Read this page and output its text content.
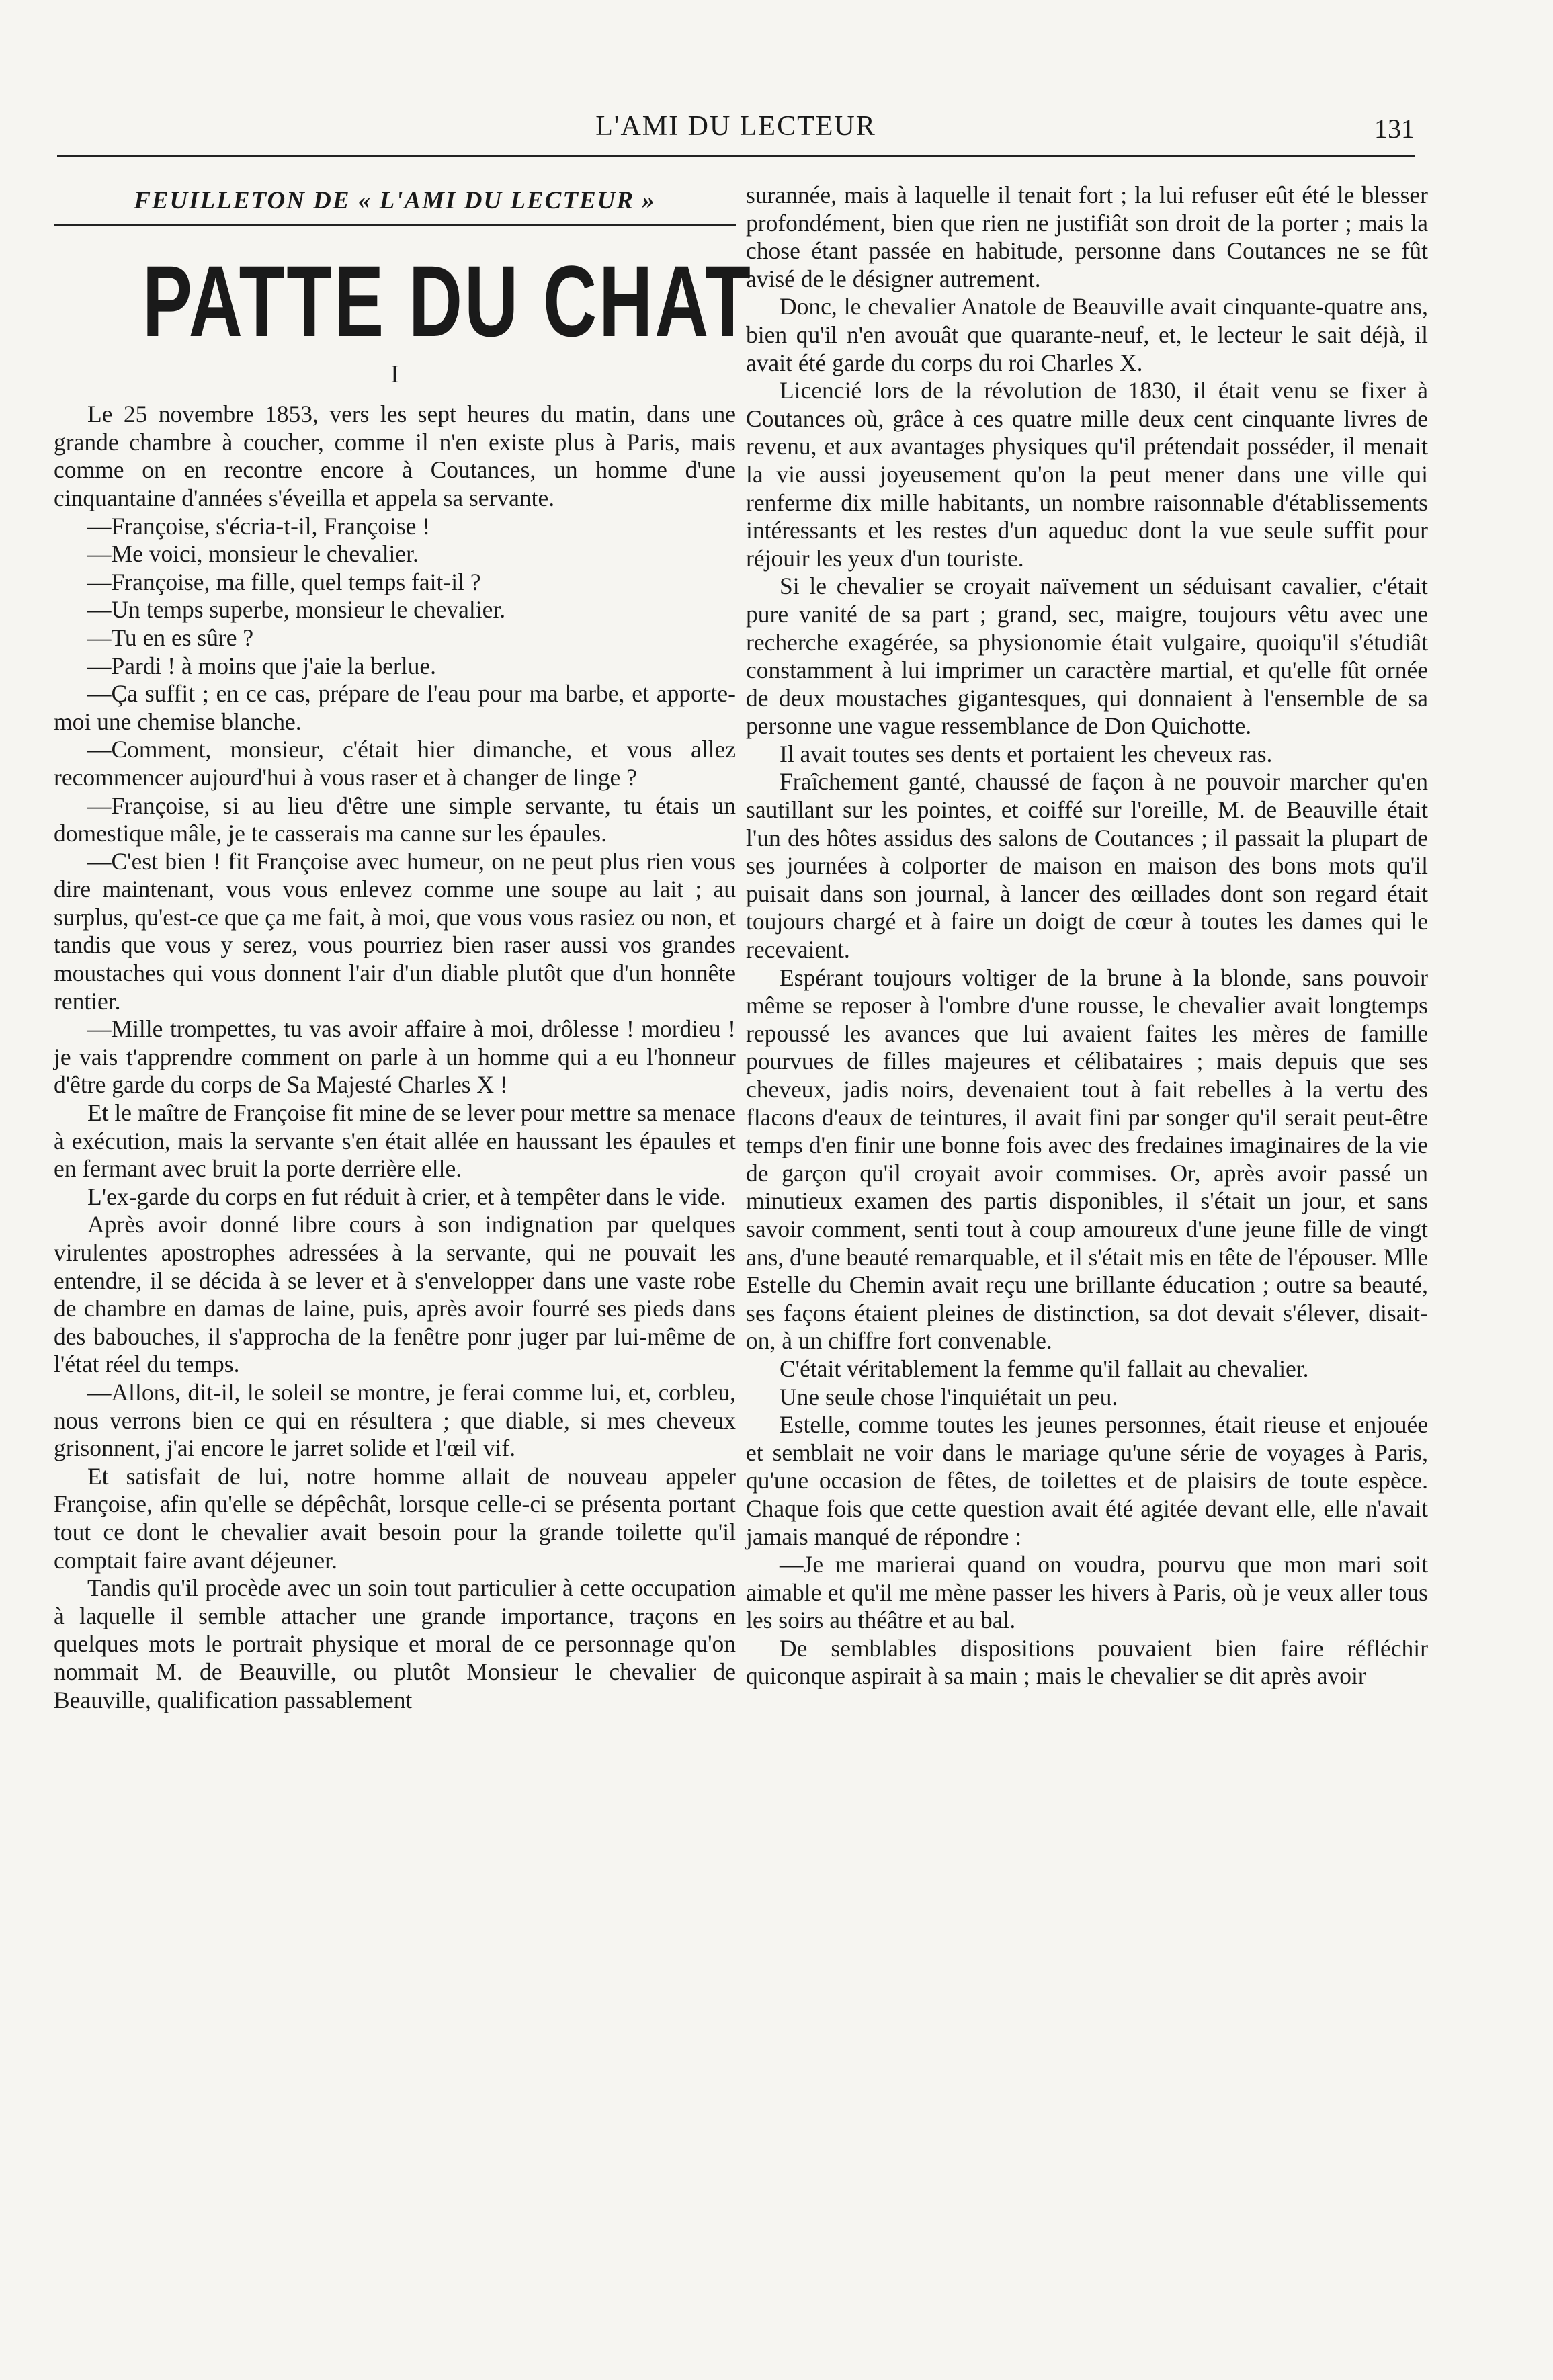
L'AMI DU LECTEUR	131
FEUILLETON DE « L'AMI DU LECTEUR »
PATTE DU CHAT
I

Le 25 novembre 1853, vers les sept heures du matin, dans une grande chambre à coucher, comme il n'en existe plus à Paris, mais comme on en recontre encore à Coutances, un homme d'une cinquantaine d'années s'éveilla et appela sa servante.

—Françoise, s'écria-t-il, Françoise !

—Me voici, monsieur le chevalier.

—Françoise, ma fille, quel temps fait-il ?

—Un temps superbe, monsieur le chevalier.

—Tu en es sûre ?

—Pardi ! à moins que j'aie la berlue.

—Ça suffit ; en ce cas, prépare de l'eau pour ma barbe, et apporte-moi une chemise blanche.

—Comment, monsieur, c'était hier dimanche, et vous allez recommencer aujourd'hui à vous raser et à changer de linge ?

—Françoise, si au lieu d'être une simple servante, tu étais un domestique mâle, je te casserais ma canne sur les épaules.

—C'est bien ! fit Françoise avec humeur, on ne peut plus rien vous dire maintenant, vous vous enlevez comme une soupe au lait ; au surplus, qu'est-ce que ça me fait, à moi, que vous vous rasiez ou non, et tandis que vous y serez, vous pourriez bien raser aussi vos grandes moustaches qui vous donnent l'air d'un diable plutôt que d'un honnête rentier.

—Mille trompettes, tu vas avoir affaire à moi, drôlesse ! mordieu ! je vais t'apprendre comment on parle à un homme qui a eu l'honneur d'être garde du corps de Sa Majesté Charles X !

Et le maître de Françoise fit mine de se lever pour mettre sa menace à exécution, mais la servante s'en était allée en haussant les épaules et en fermant avec bruit la porte derrière elle.

L'ex-garde du corps en fut réduit à crier, et à tempêter dans le vide.

Après avoir donné libre cours à son indignation par quelques virulentes apostrophes adressées à la servante, qui ne pouvait les entendre, il se décida à se lever et à s'envelopper dans une vaste robe de chambre en damas de laine, puis, après avoir fourré ses pieds dans des babouches, il s'approcha de la fenêtre ponr juger par lui-même de l'état réel du temps.

—Allons, dit-il, le soleil se montre, je ferai comme lui, et, corbleu, nous verrons bien ce qui en résultera ; que diable, si mes cheveux grisonnent, j'ai encore le jarret solide et l'œil vif.

Et satisfait de lui, notre homme allait de nouveau appeler Françoise, afin qu'elle se dépêchât, lorsque celle-ci se présenta portant tout ce dont le chevalier avait besoin pour la grande toilette qu'il comptait faire avant déjeuner.

Tandis qu'il procède avec un soin tout particulier à cette occupation à laquelle il semble attacher une grande importance, traçons en quelques mots le portrait physique et moral de ce personnage qu'on nommait M. de Beauville, ou plutôt Monsieur le chevalier de Beauville, qualification passablement

surannée, mais à laquelle il tenait fort ; la lui refuser eût été le blesser profondément, bien que rien ne justifiât son droit de la porter ; mais la chose étant passée en habitude, personne dans Coutances ne se fût avisé de le désigner autrement.

Donc, le chevalier Anatole de Beauville avait cinquante-quatre ans, bien qu'il n'en avouât que quarante-neuf, et, le lecteur le sait déjà, il avait été garde du corps du roi Charles X.

Licencié lors de la révolution de 1830, il était venu se fixer à Coutances où, grâce à ces quatre mille deux cent cinquante livres de revenu, et aux avantages physiques qu'il prétendait posséder, il menait la vie aussi joyeusement qu'on la peut mener dans une ville qui renferme dix mille habitants, un nombre raisonnable d'établissements intéressants et les restes d'un aqueduc dont la vue seule suffit pour réjouir les yeux d'un touriste.

Si le chevalier se croyait naïvement un séduisant cavalier, c'était pure vanité de sa part ; grand, sec, maigre, toujours vêtu avec une recherche exagérée, sa physionomie était vulgaire, quoiqu'il s'étudiât constamment à lui imprimer un caractère martial, et qu'elle fût ornée de deux moustaches gigantesques, qui donnaient à l'ensemble de sa personne une vague ressemblance de Don Quichotte.

Il avait toutes ses dents et portaient les cheveux ras.

Fraîchement ganté, chaussé de façon à ne pouvoir marcher qu'en sautillant sur les pointes, et coiffé sur l'oreille, M. de Beauville était l'un des hôtes assidus des salons de Coutances ; il passait la plupart de ses journées à colporter de maison en maison des bons mots qu'il puisait dans son journal, à lancer des œillades dont son regard était toujours chargé et à faire un doigt de cœur à toutes les dames qui le recevaient.

Espérant toujours voltiger de la brune à la blonde, sans pouvoir même se reposer à l'ombre d'une rousse, le chevalier avait longtemps repoussé les avances que lui avaient faites les mères de famille pourvues de filles majeures et célibataires ; mais depuis que ses cheveux, jadis noirs, devenaient tout à fait rebelles à la vertu des flacons d'eaux de teintures, il avait fini par songer qu'il serait peut-être temps d'en finir une bonne fois avec des fredaines imaginaires de la vie de garçon qu'il croyait avoir commises. Or, après avoir passé un minutieux examen des partis disponibles, il s'était un jour, et sans savoir comment, senti tout à coup amoureux d'une jeune fille de vingt ans, d'une beauté remarquable, et il s'était mis en tête de l'épouser. Mlle Estelle du Chemin avait reçu une brillante éducation ; outre sa beauté, ses façons étaient pleines de distinction, sa dot devait s'élever, disait-on, à un chiffre fort convenable.

C'était véritablement la femme qu'il fallait au chevalier.

Une seule chose l'inquiétait un peu.

Estelle, comme toutes les jeunes personnes, était rieuse et enjouée et semblait ne voir dans le mariage qu'une série de voyages à Paris, qu'une occasion de fêtes, de toilettes et de plaisirs de toute espèce. Chaque fois que cette question avait été agitée devant elle, elle n'avait jamais manqué de répondre :

—Je me marierai quand on voudra, pourvu que mon mari soit aimable et qu'il me mène passer les hivers à Paris, où je veux aller tous les soirs au théâtre et au bal.

De semblables dispositions pouvaient bien faire réfléchir quiconque aspirait à sa main ; mais le chevalier se dit après avoir
